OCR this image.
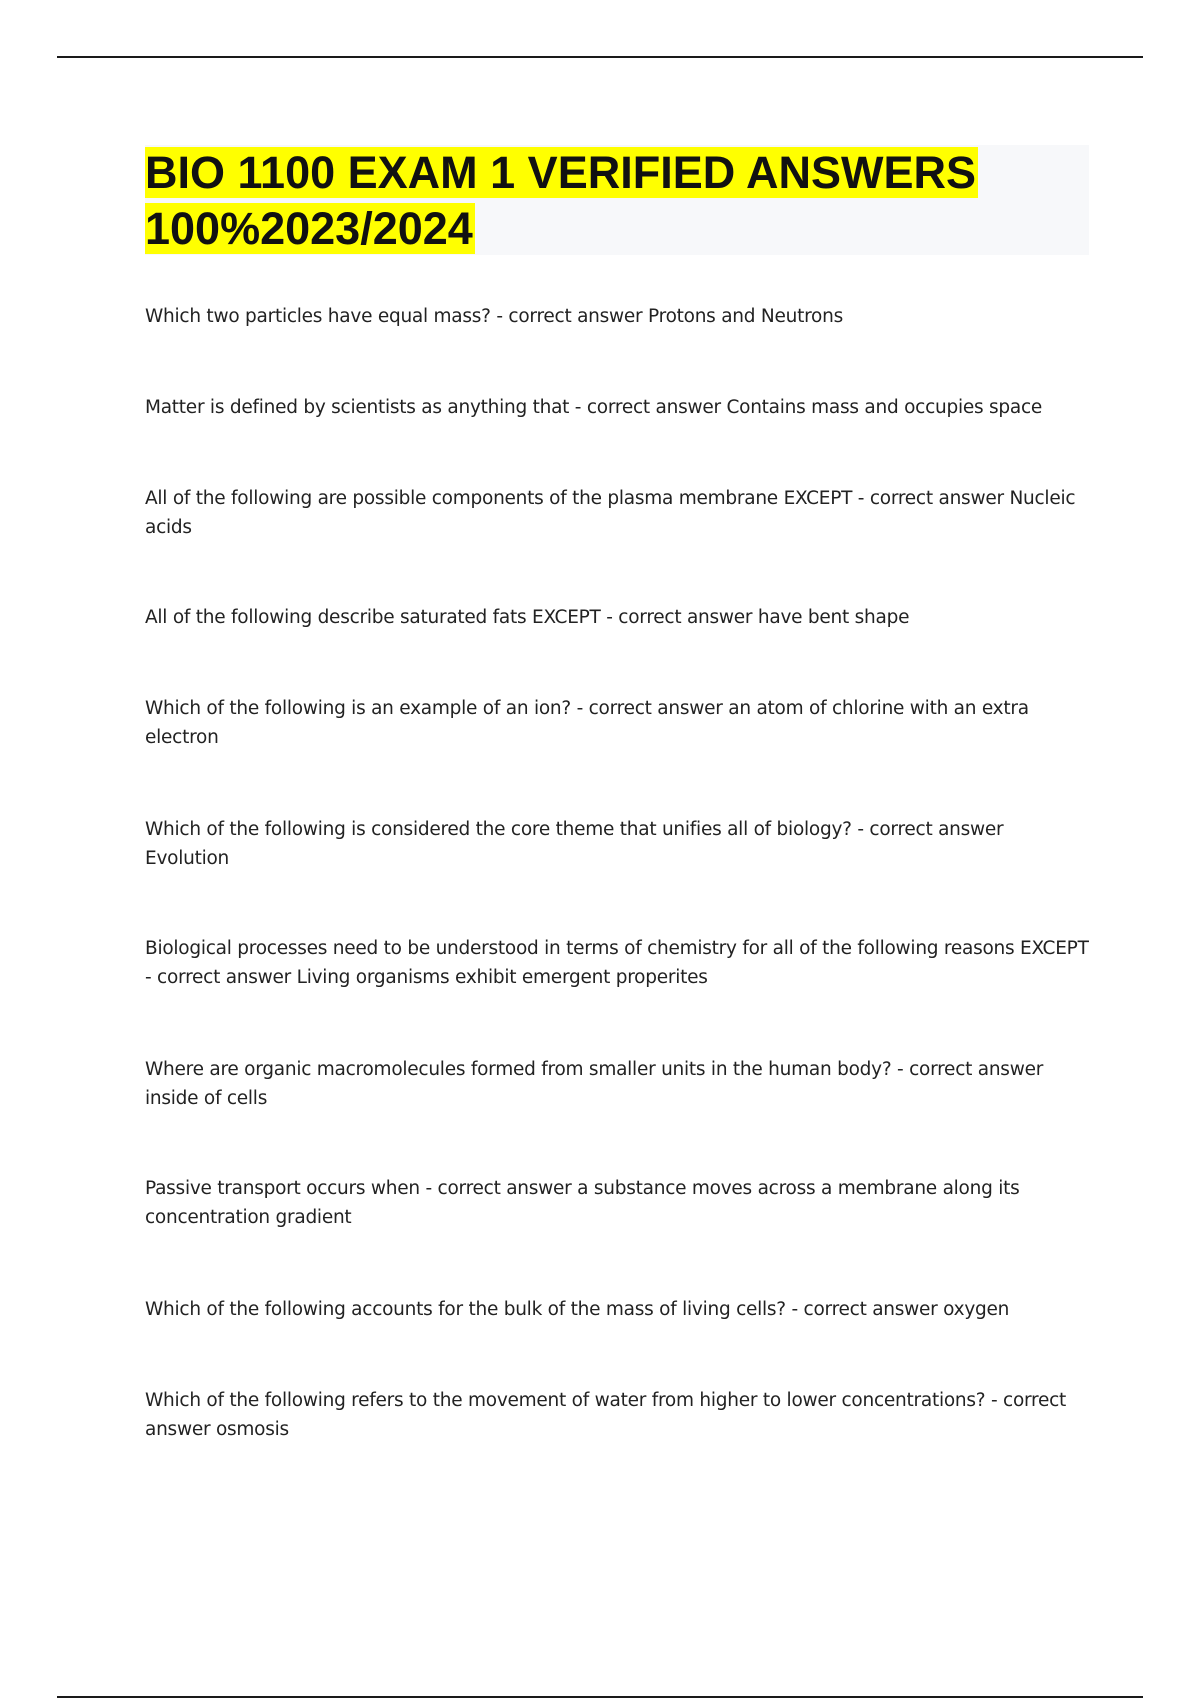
BIO 1100 EXAM 1 VERIFIED ANSWERS 100%2023/2024

Which two particles have equal mass? - correct answer Protons and Neutrons

Matter is defined by scientists as anything that - correct answer Contains mass and occupies space

All of the following are possible components of the plasma membrane EXCEPT - correct answer Nucleic acids

All of the following describe saturated fats EXCEPT - correct answer have bent shape

Which of the following is an example of an ion? - correct answer an atom of chlorine with an extra electron

Which of the following is considered the core theme that unifies all of biology? - correct answer Evolution

Biological processes need to be understood in terms of chemistry for all of the following reasons EXCEPT - correct answer Living organisms exhibit emergent properites

Where are organic macromolecules formed from smaller units in the human body? - correct answer inside of cells

Passive transport occurs when - correct answer a substance moves across a membrane along its concentration gradient

Which of the following accounts for the bulk of the mass of living cells? - correct answer oxygen

Which of the following refers to the movement of water from higher to lower concentrations? - correct answer osmosis
